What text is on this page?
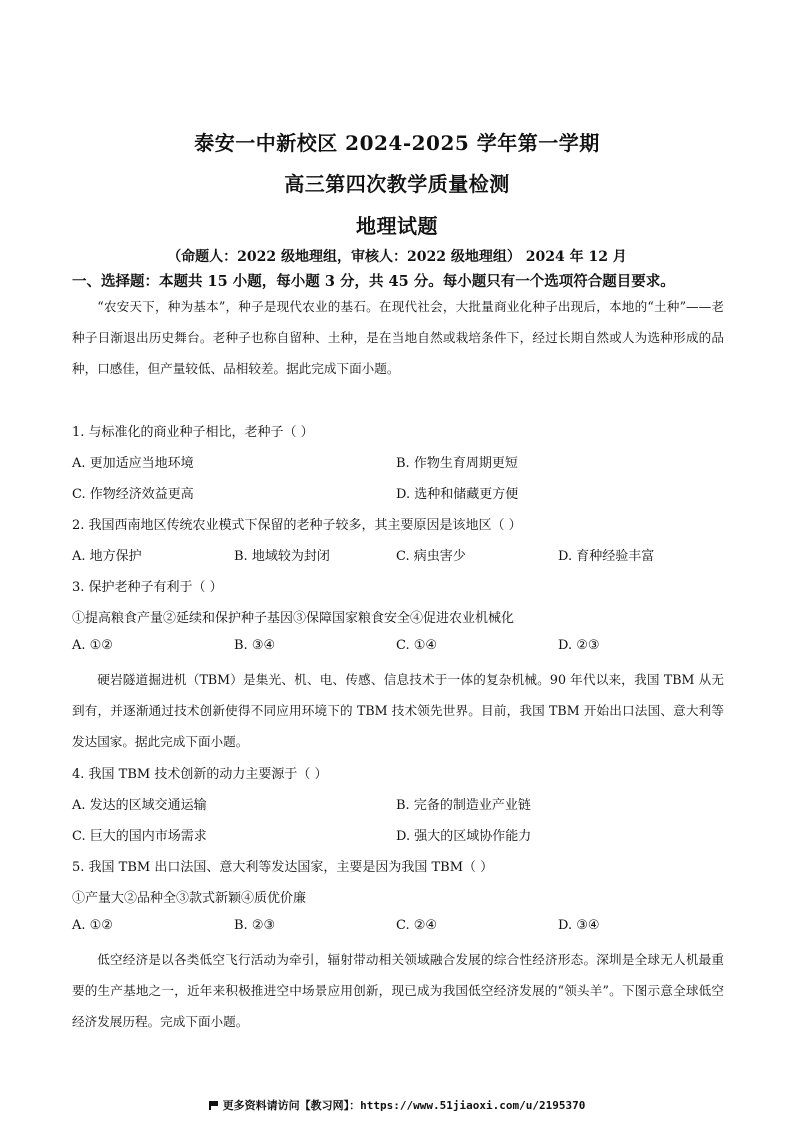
泰安一中新校区 2024-2025 学年第一学期
高三第四次教学质量检测
地理试题
（命题人：2022 级地理组，审核人：2022 级地理组） 2024 年 12 月
一、选择题：本题共 15 小题，每小题 3 分，共 45 分。每小题只有一个选项符合题目要求。
“农安天下，种为基本”，种子是现代农业的基石。在现代社会，大批量商业化种子出现后，本地的“土种”——老种子日渐退出历史舞台。老种子也称自留种、土种，是在当地自然或栽培条件下，经过长期自然或人为选种形成的品种，口感佳，但产量较低、品相较差。据此完成下面小题。
1. 与标准化的商业种子相比，老种子（ ）
A. 更加适应当地环境	B. 作物生育周期更短
C. 作物经济效益更高	D. 选种和储藏更方便
2. 我国西南地区传统农业模式下保留的老种子较多，其主要原因是该地区（ ）
A. 地方保护	B. 地域较为封闭	C. 病虫害少	D. 育种经验丰富
3. 保护老种子有利于（ ）
①提高粮食产量②延续和保护种子基因③保障国家粮食安全④促进农业机械化
A. ①②	B. ③④	C. ①④	D. ②③
硬岩隧道掘进机（TBM）是集光、机、电、传感、信息技术于一体的复杂机械。90 年代以来，我国 TBM 从无到有，并逐渐通过技术创新使得不同应用环境下的 TBM 技术领先世界。目前，我国 TBM 开始出口法国、意大利等发达国家。据此完成下面小题。
4. 我国 TBM 技术创新的动力主要源于（ ）
A. 发达的区域交通运输	B. 完备的制造业产业链
C. 巨大的国内市场需求	D. 强大的区域协作能力
5. 我国 TBM 出口法国、意大利等发达国家，主要是因为我国 TBM（ ）
①产量大②品种全③款式新颖④质优价廉
A. ①②	B. ②③	C. ②④	D. ③④
低空经济是以各类低空飞行活动为牵引，辐射带动相关领域融合发展的综合性经济形态。深圳是全球无人机最重要的生产基地之一，近年来积极推进空中场景应用创新，现已成为我国低空经济发展的“领头羊”。下图示意全球低空经济发展历程。完成下面小题。
更多资料请访问【教习网】：https://www.51jiaoxi.com/u/2195370
